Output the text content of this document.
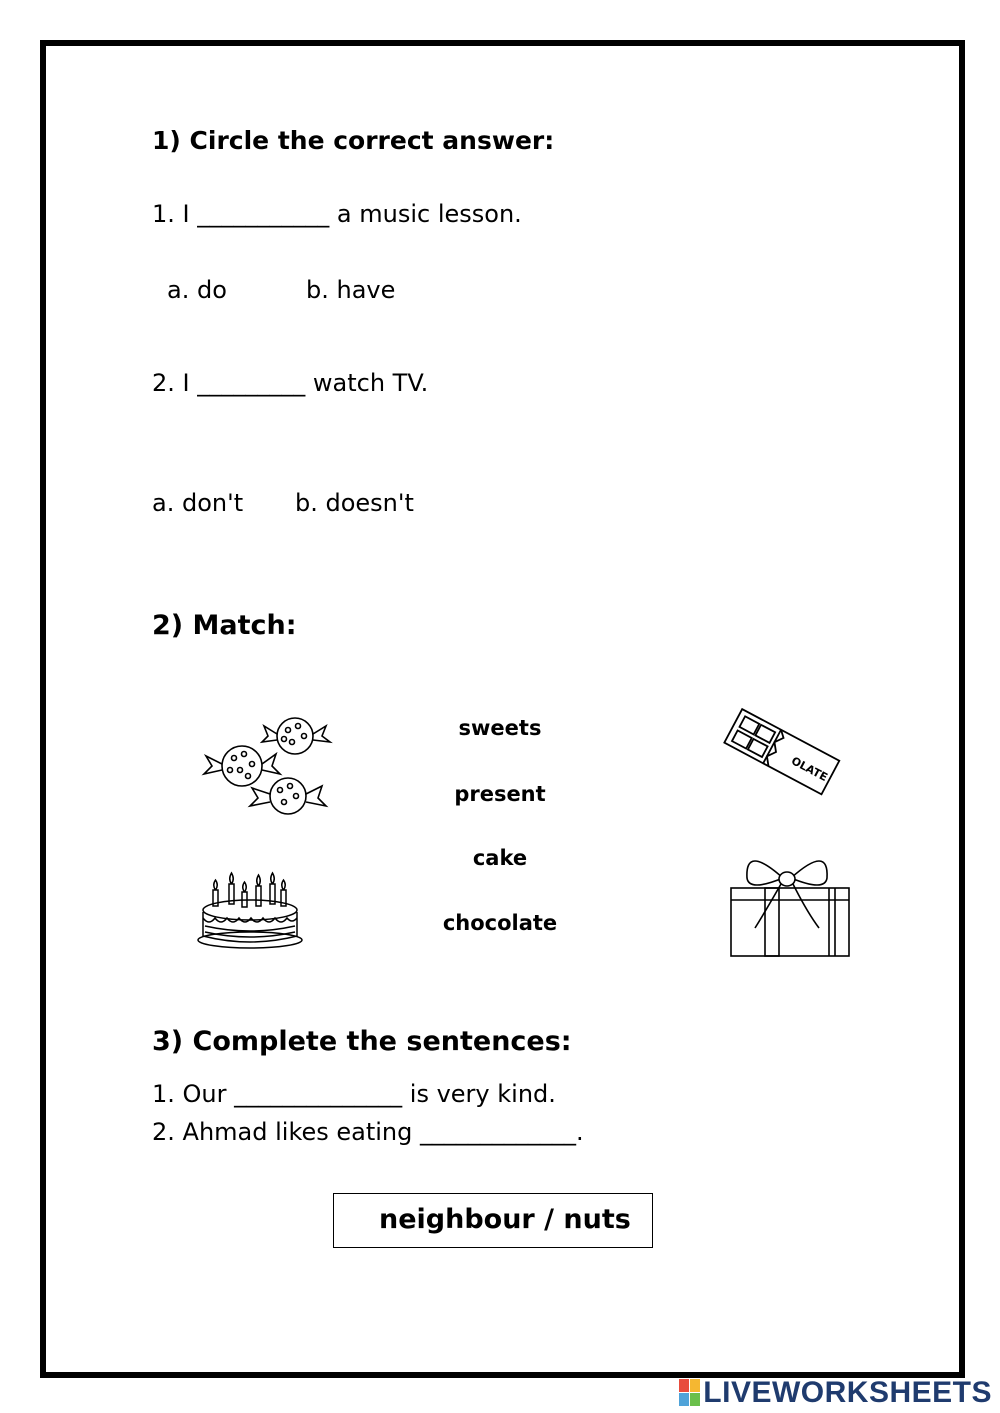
1) Circle the correct answer:
1. I ___________ a music lesson.
a. do	b. have
2. I _________ watch TV.
a. don't b. doesn't
2) Match:
sweets
present
cake
chocolate
OLATE
3) Complete the sentences:
1. Our ______________ is very kind.
2. Ahmad likes eating _____________.
neighbour / nuts
LIVEWORKSHEETS
